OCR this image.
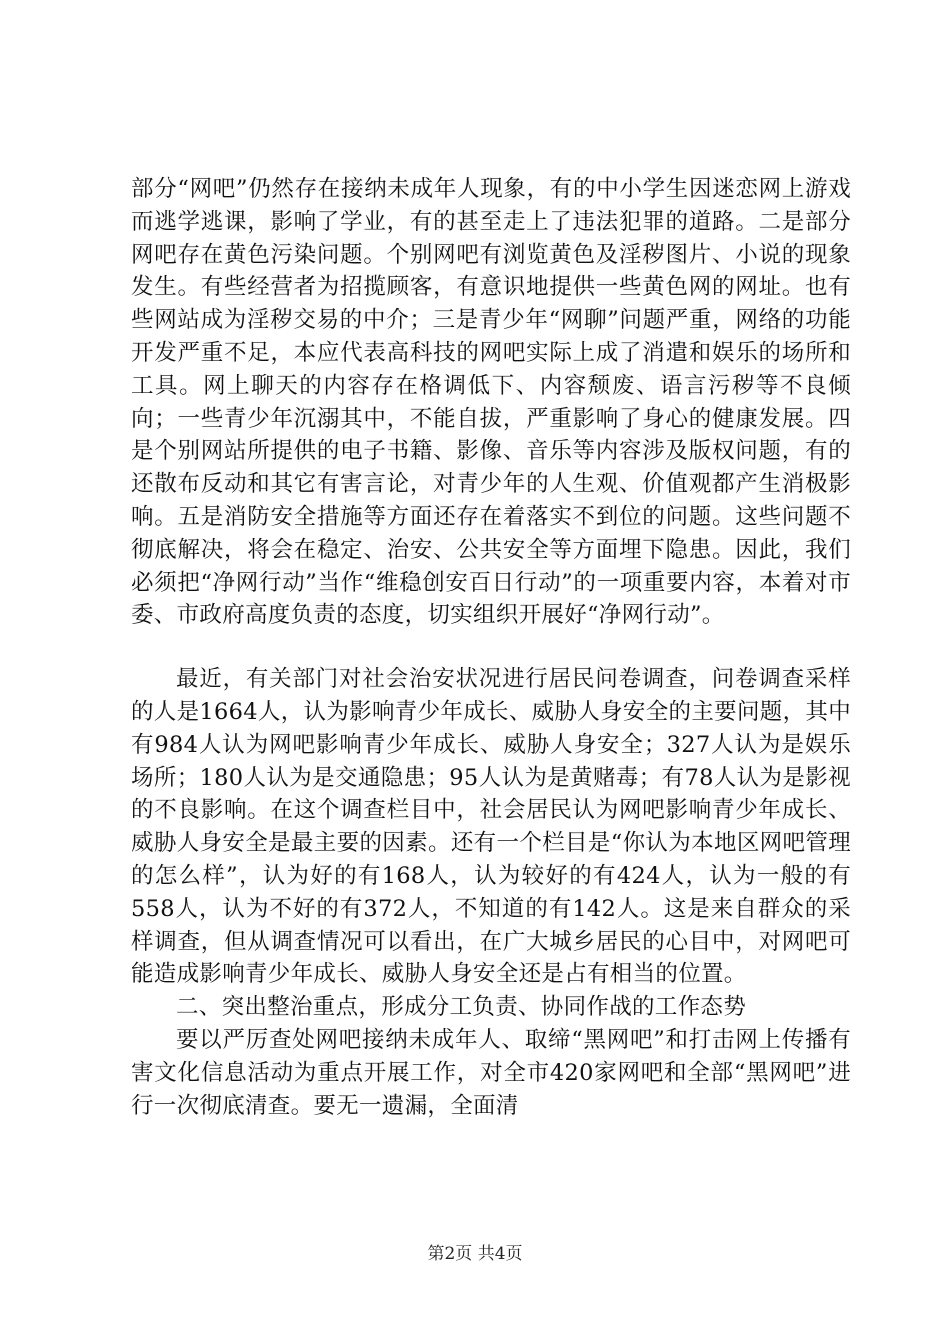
部分“网吧”仍然存在接纳未成年人现象，有的中小学生因迷恋网上游戏而逃学逃课，影响了学业，有的甚至走上了违法犯罪的道路。二是部分网吧存在黄色污染问题。个别网吧有浏览黄色及淫秽图片、小说的现象发生。有些经营者为招揽顾客，有意识地提供一些黄色网的网址。也有些网站成为淫秽交易的中介；三是青少年“网聊”问题严重，网络的功能开发严重不足，本应代表高科技的网吧实际上成了消遣和娱乐的场所和工具。网上聊天的内容存在格调低下、内容颓废、语言污秽等不良倾向；一些青少年沉溺其中，不能自拔，严重影响了身心的健康发展。四是个别网站所提供的电子书籍、影像、音乐等内容涉及版权问题，有的还散布反动和其它有害言论，对青少年的人生观、价值观都产生消极影响。五是消防安全措施等方面还存在着落实不到位的问题。这些问题不彻底解决，将会在稳定、治安、公共安全等方面埋下隐患。因此，我们必须把“净网行动”当作“维稳创安百日行动”的一项重要内容，本着对市委、市政府高度负责的态度，切实组织开展好“净网行动”。

最近，有关部门对社会治安状况进行居民问卷调查，问卷调查采样的人是1664人，认为影响青少年成长、威胁人身安全的主要问题，其中有984人认为网吧影响青少年成长、威胁人身安全；327人认为是娱乐场所；180人认为是交通隐患；95人认为是黄赌毒；有78人认为是影视的不良影响。在这个调查栏目中，社会居民认为网吧影响青少年成长、威胁人身安全是最主要的因素。还有一个栏目是“你认为本地区网吧管理的怎么样”，认为好的有168人，认为较好的有424人，认为一般的有558人，认为不好的有372人，不知道的有142人。这是来自群众的采样调查，但从调查情况可以看出，在广大城乡居民的心目中，对网吧可能造成影响青少年成长、威胁人身安全还是占有相当的位置。

二、突出整治重点，形成分工负责、协同作战的工作态势

要以严厉查处网吧接纳未成年人、取缔“黑网吧”和打击网上传播有害文化信息活动为重点开展工作，对全市420家网吧和全部“黑网吧”进行一次彻底清查。要无一遗漏，全面清

第2页 共4页
